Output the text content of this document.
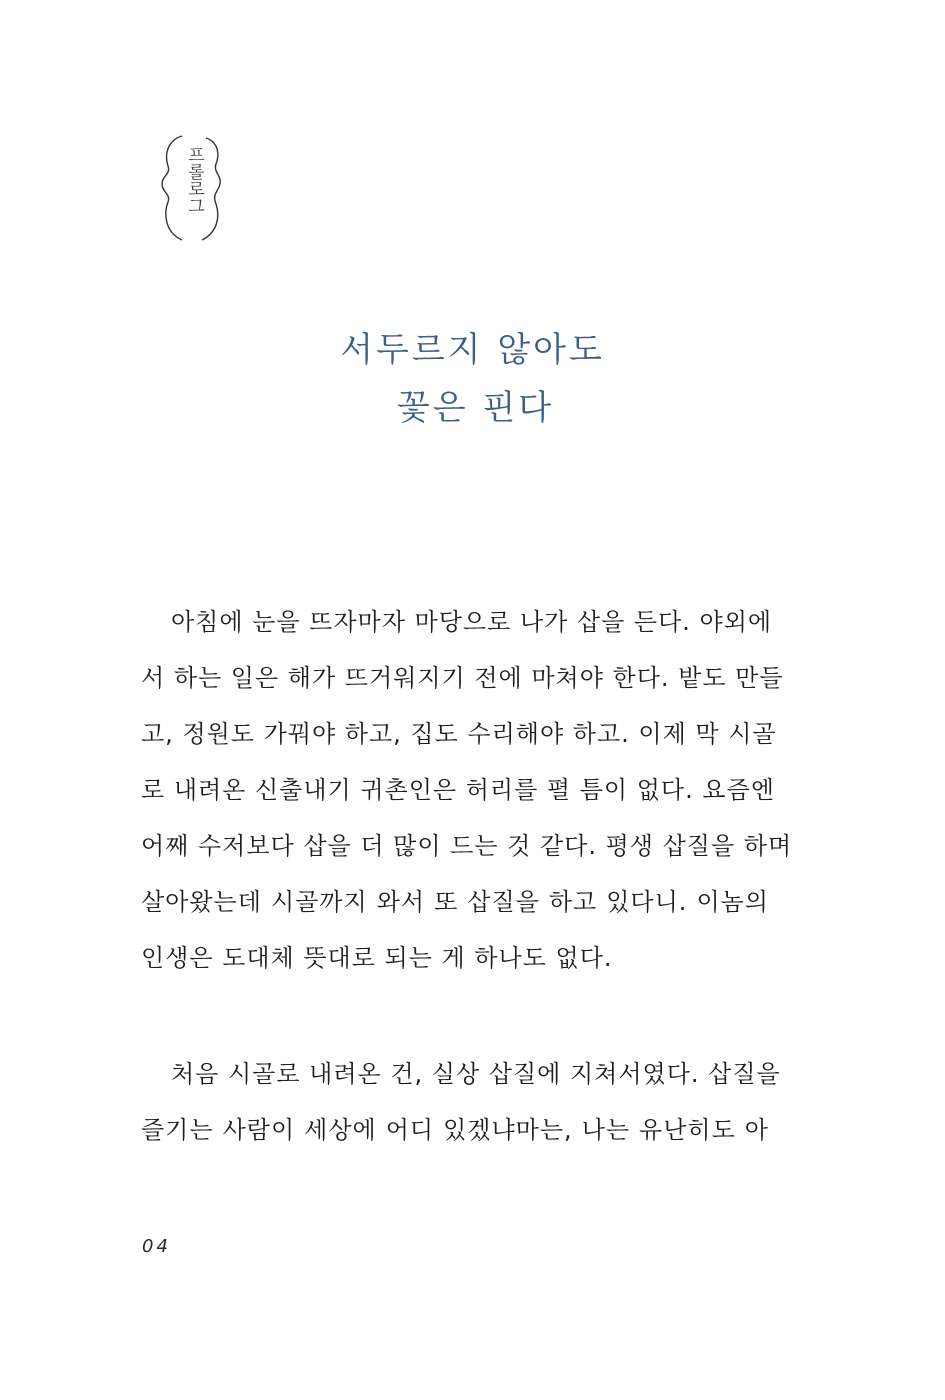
프롤로그
서두르지 않아도
꽃은 핀다
아침에 눈을 뜨자마자 마당으로 나가 삽을 든다. 야외에
서 하는 일은 해가 뜨거워지기 전에 마쳐야 한다. 밭도 만들
고, 정원도 가꿔야 하고, 집도 수리해야 하고. 이제 막 시골
로 내려온 신출내기 귀촌인은 허리를 펼 틈이 없다. 요즘엔
어째 수저보다 삽을 더 많이 드는 것 같다. 평생 삽질을 하며
살아왔는데 시골까지 와서 또 삽질을 하고 있다니. 이놈의
인생은 도대체 뜻대로 되는 게 하나도 없다.
처음 시골로 내려온 건, 실상 삽질에 지쳐서였다. 삽질을
즐기는 사람이 세상에 어디 있겠냐마는, 나는 유난히도 아
04
